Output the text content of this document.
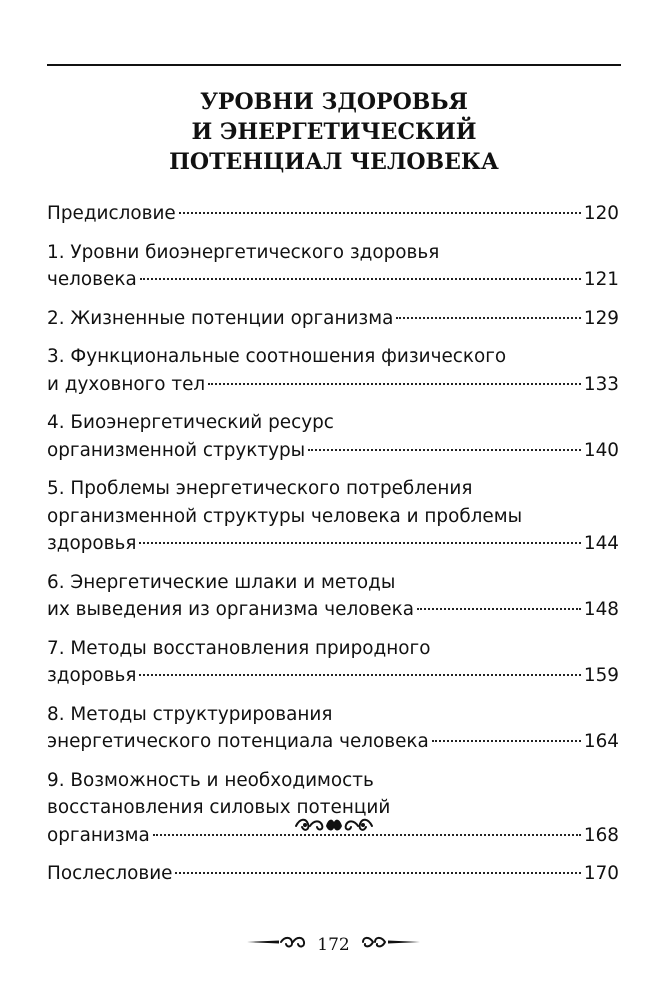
УРОВНИ ЗДОРОВЬЯ
И ЭНЕРГЕТИЧЕСКИЙ
ПОТЕНЦИАЛ ЧЕЛОВЕКА
Предисловие	120
1. Уровни биоэнергетического здоровья
человека	121
2. Жизненные потенции организма	129
3. Функциональные соотношения физического
и духовного тел	133
4. Биоэнергетический ресурс
организменной структуры	140
5. Проблемы энергетического потребления
организменной структуры человека и проблемы
здоровья	144
6. Энергетические шлаки и методы
их выведения из организма человека	148
7. Методы восстановления природного
здоровья	159
8. Методы структурирования
энергетического потенциала человека	164
9. Возможность и необходимость
восстановления силовых потенций
организма	168
Послесловие	170
172
